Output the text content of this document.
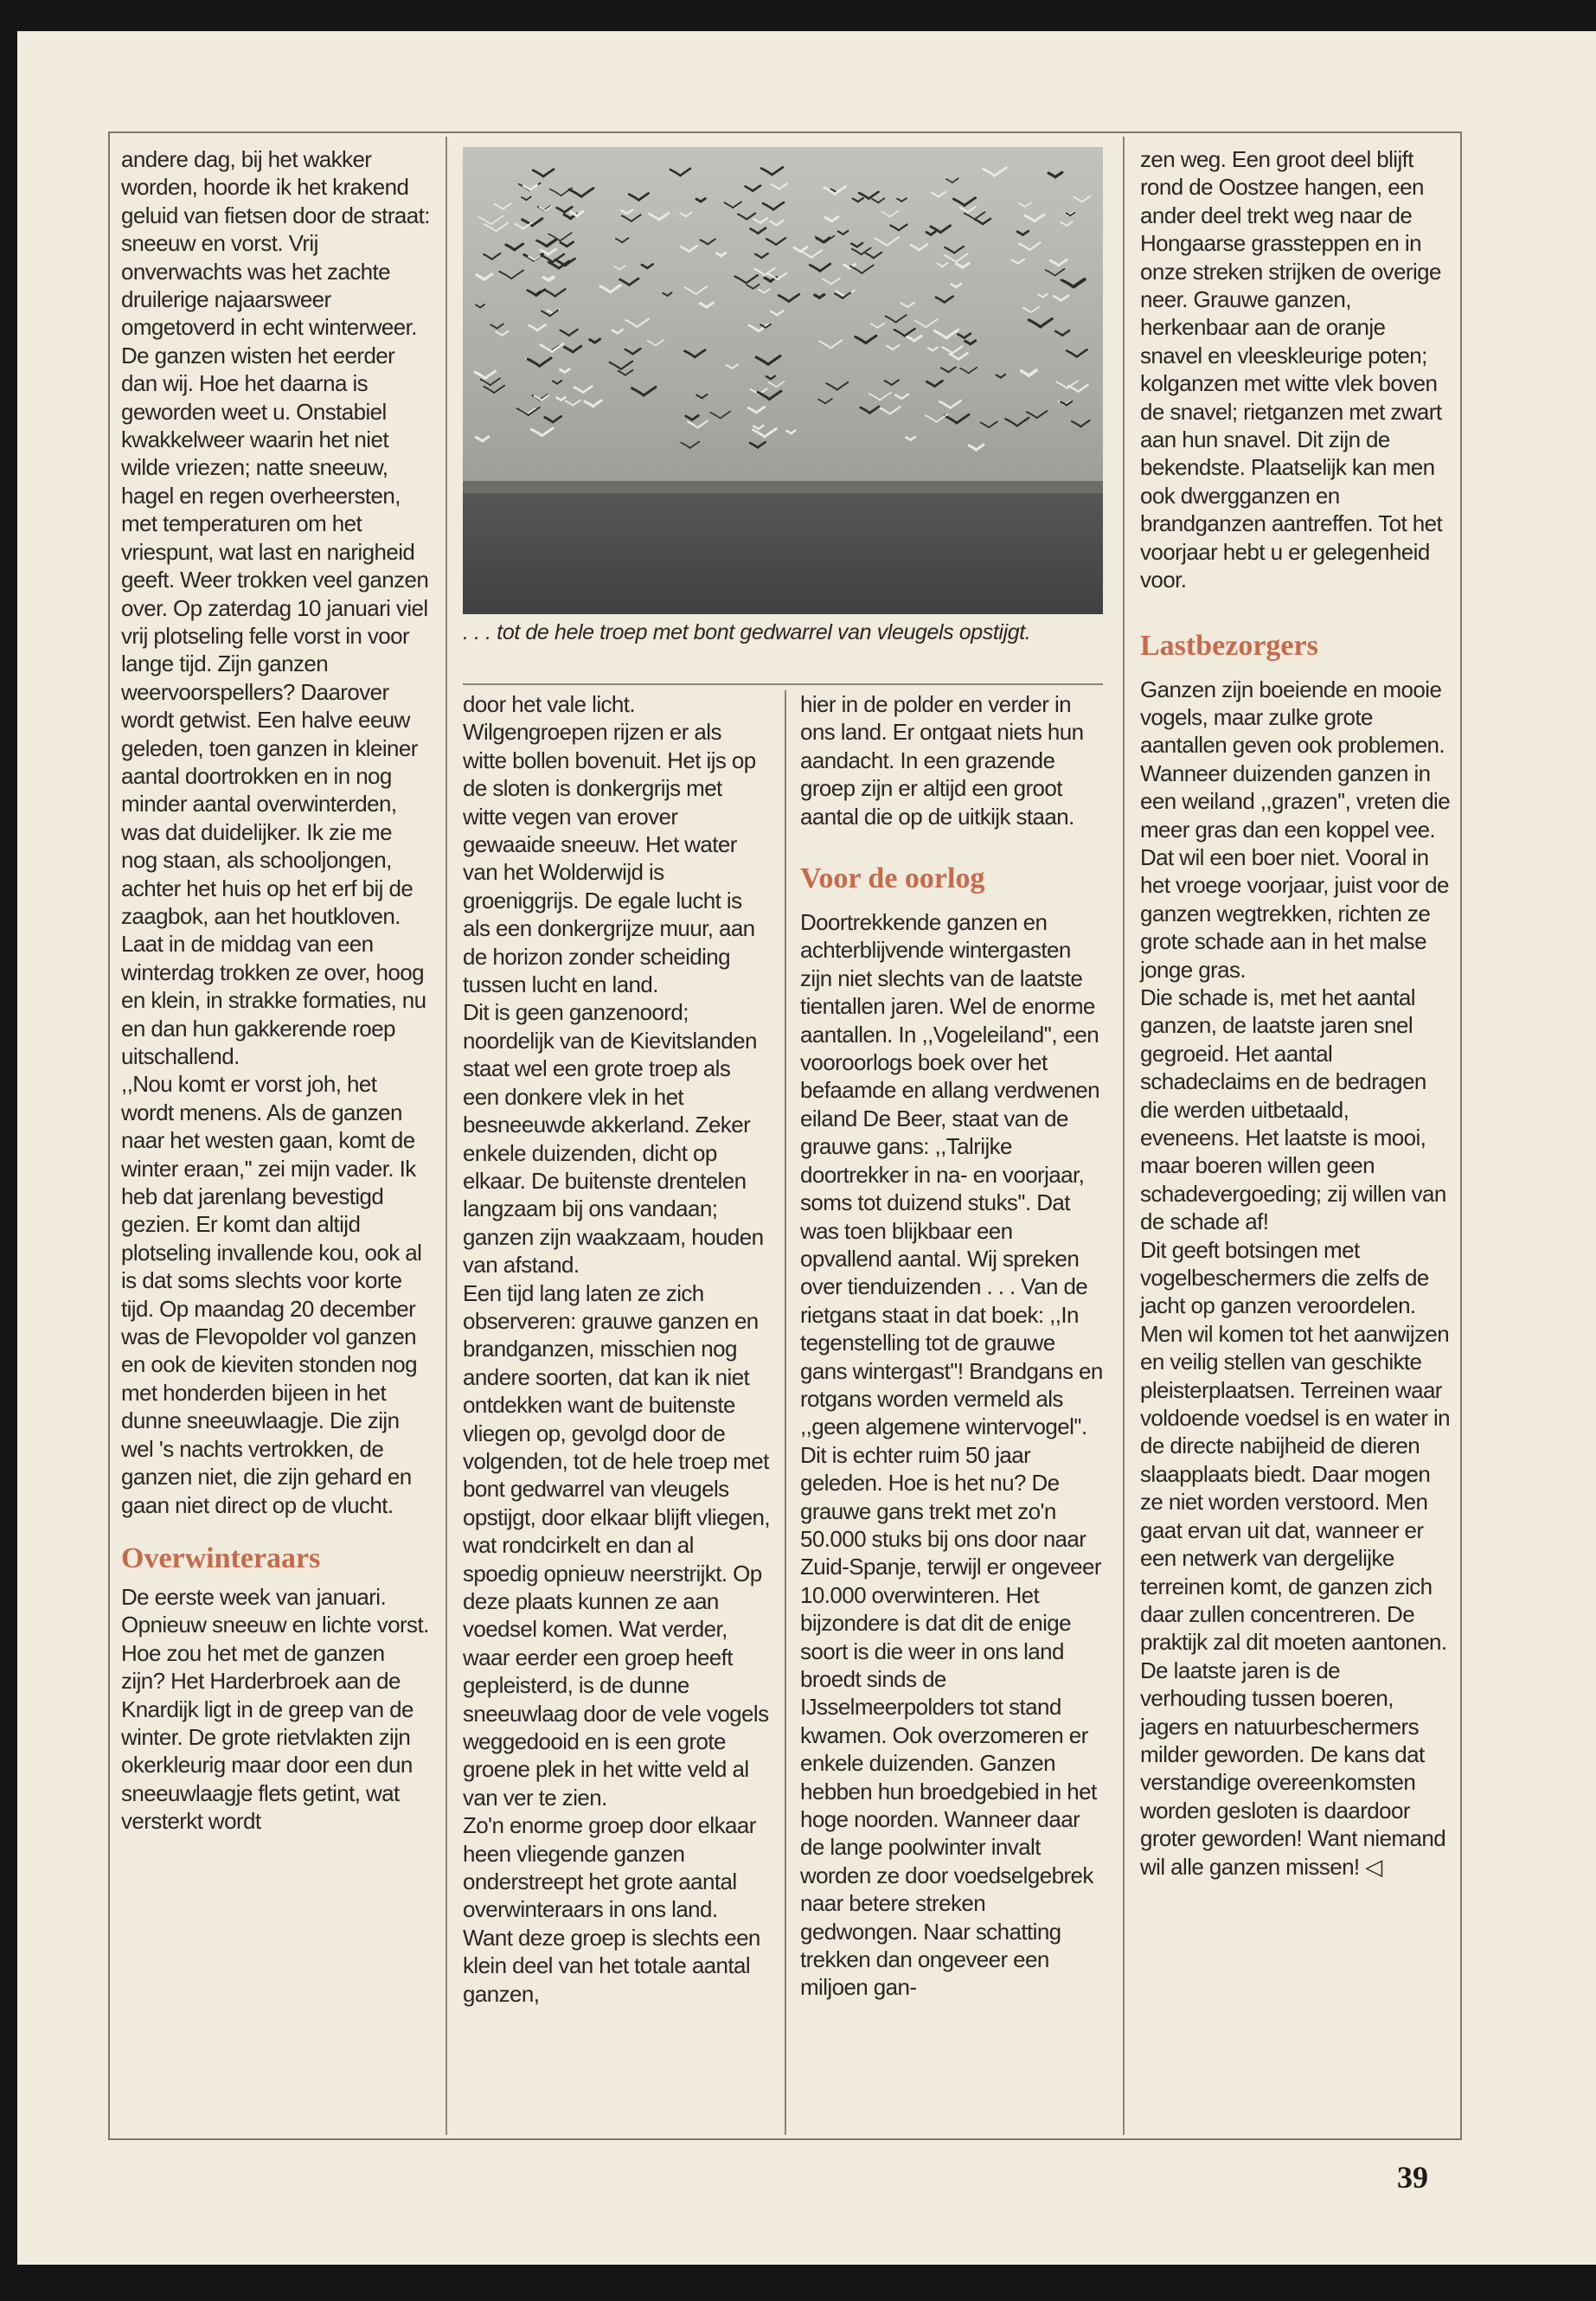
andere dag, bij het wakker worden, hoorde ik het krakend geluid van fietsen door de straat: sneeuw en vorst. Vrij onverwachts was het zachte druilerige najaarsweer omgetoverd in echt winterweer. De ganzen wisten het eerder dan wij. Hoe het daarna is geworden weet u. Onstabiel kwakkelweer waarin het niet wilde vriezen; natte sneeuw, hagel en regen overheersten, met temperaturen om het vriespunt, wat last en narigheid geeft. Weer trokken veel ganzen over. Op zaterdag 10 januari viel vrij plotseling felle vorst in voor lange tijd. Zijn ganzen weervoorspellers? Daarover wordt getwist. Een halve eeuw geleden, toen ganzen in kleiner aantal doortrokken en in nog minder aantal overwinterden, was dat duidelijker. Ik zie me nog staan, als schooljongen, achter het huis op het erf bij de zaagbok, aan het houtkloven. Laat in de middag van een winterdag trokken ze over, hoog en klein, in strakke formaties, nu en dan hun gakkerende roep uitschallend.

,,Nou komt er vorst joh, het wordt menens. Als de ganzen naar het westen gaan, komt de winter eraan,'' zei mijn vader. Ik heb dat jarenlang bevestigd gezien. Er komt dan altijd plotseling invallende kou, ook al is dat soms slechts voor korte tijd. Op maandag 20 december was de Flevopolder vol ganzen en ook de kieviten stonden nog met honderden bijeen in het dunne sneeuwlaagje. Die zijn wel 's nachts vertrokken, de ganzen niet, die zijn gehard en gaan niet direct op de vlucht.

Overwinteraars

De eerste week van januari. Opnieuw sneeuw en lichte vorst. Hoe zou het met de ganzen zijn? Het Harderbroek aan de Knardijk ligt in de greep van de winter. De grote rietvlakten zijn okerkleurig maar door een dun sneeuwlaagje flets getint, wat versterkt wordt

. . . tot de hele troep met bont gedwarrel van vleugels opstijgt.

door het vale licht. Wilgengroepen rijzen er als witte bollen bovenuit. Het ijs op de sloten is donkergrijs met witte vegen van erover gewaaide sneeuw. Het water van het Wolderwijd is groeniggrijs. De egale lucht is als een donkergrijze muur, aan de horizon zonder scheiding tussen lucht en land.

Dit is geen ganzenoord; noordelijk van de Kievitslanden staat wel een grote troep als een donkere vlek in het besneeuwde akkerland. Zeker enkele duizenden, dicht op elkaar. De buitenste drentelen langzaam bij ons vandaan; ganzen zijn waakzaam, houden van afstand.

Een tijd lang laten ze zich observeren: grauwe ganzen en brandganzen, misschien nog andere soorten, dat kan ik niet ontdekken want de buitenste vliegen op, gevolgd door de volgenden, tot de hele troep met bont gedwarrel van vleugels opstijgt, door elkaar blijft vliegen, wat rondcirkelt en dan al spoedig opnieuw neerstrijkt. Op deze plaats kunnen ze aan voedsel komen. Wat verder, waar eerder een groep heeft gepleisterd, is de dunne sneeuwlaag door de vele vogels weggedooid en is een grote groene plek in het witte veld al van ver te zien.

Zo'n enorme groep door elkaar heen vliegende ganzen onderstreept het grote aantal overwinteraars in ons land. Want deze groep is slechts een klein deel van het totale aantal ganzen,

hier in de polder en verder in ons land. Er ontgaat niets hun aandacht. In een grazende groep zijn er altijd een groot aantal die op de uitkijk staan.

Voor de oorlog

Doortrekkende ganzen en achterblijvende wintergasten zijn niet slechts van de laatste tientallen jaren. Wel de enorme aantallen. In ,,Vogeleiland'', een vooroorlogs boek over het befaamde en allang verdwenen eiland De Beer, staat van de grauwe gans: ,,Talrijke doortrekker in na- en voorjaar, soms tot duizend stuks''. Dat was toen blijkbaar een opvallend aantal. Wij spreken over tienduizenden . . . Van de rietgans staat in dat boek: ,,In tegenstelling tot de grauwe gans wintergast''! Brandgans en rotgans worden vermeld als ,,geen algemene wintervogel''.

Dit is echter ruim 50 jaar geleden. Hoe is het nu? De grauwe gans trekt met zo'n 50.000 stuks bij ons door naar Zuid-Spanje, terwijl er ongeveer 10.000 overwinteren. Het bijzondere is dat dit de enige soort is die weer in ons land broedt sinds de IJsselmeerpolders tot stand kwamen. Ook overzomeren er enkele duizenden. Ganzen hebben hun broedgebied in het hoge noorden. Wanneer daar de lange poolwinter invalt worden ze door voedselgebrek naar betere streken gedwongen. Naar schatting trekken dan ongeveer een miljoen gan-

zen weg. Een groot deel blijft rond de Oostzee hangen, een ander deel trekt weg naar de Hongaarse grassteppen en in onze streken strijken de overige neer. Grauwe ganzen, herkenbaar aan de oranje snavel en vleeskleurige poten; kolganzen met witte vlek boven de snavel; rietganzen met zwart aan hun snavel. Dit zijn de bekendste. Plaatselijk kan men ook dwergganzen en brandganzen aantreffen. Tot het voorjaar hebt u er gelegenheid voor.

Lastbezorgers

Ganzen zijn boeiende en mooie vogels, maar zulke grote aantallen geven ook problemen. Wanneer duizenden ganzen in een weiland ,,grazen'', vreten die meer gras dan een koppel vee. Dat wil een boer niet. Vooral in het vroege voorjaar, juist voor de ganzen wegtrekken, richten ze grote schade aan in het malse jonge gras.

Die schade is, met het aantal ganzen, de laatste jaren snel gegroeid. Het aantal schadeclaims en de bedragen die werden uitbetaald, eveneens. Het laatste is mooi, maar boeren willen geen schadevergoeding; zij willen van de schade af!

Dit geeft botsingen met vogelbeschermers die zelfs de jacht op ganzen veroordelen. Men wil komen tot het aanwijzen en veilig stellen van geschikte pleisterplaatsen. Terreinen waar voldoende voedsel is en water in de directe nabijheid de dieren slaapplaats biedt. Daar mogen ze niet worden verstoord. Men gaat ervan uit dat, wanneer er een netwerk van dergelijke terreinen komt, de ganzen zich daar zullen concentreren. De praktijk zal dit moeten aantonen.

De laatste jaren is de verhouding tussen boeren, jagers en natuurbeschermers milder geworden. De kans dat verstandige overeenkomsten worden gesloten is daardoor groter geworden! Want niemand wil alle ganzen missen! ◁

39
